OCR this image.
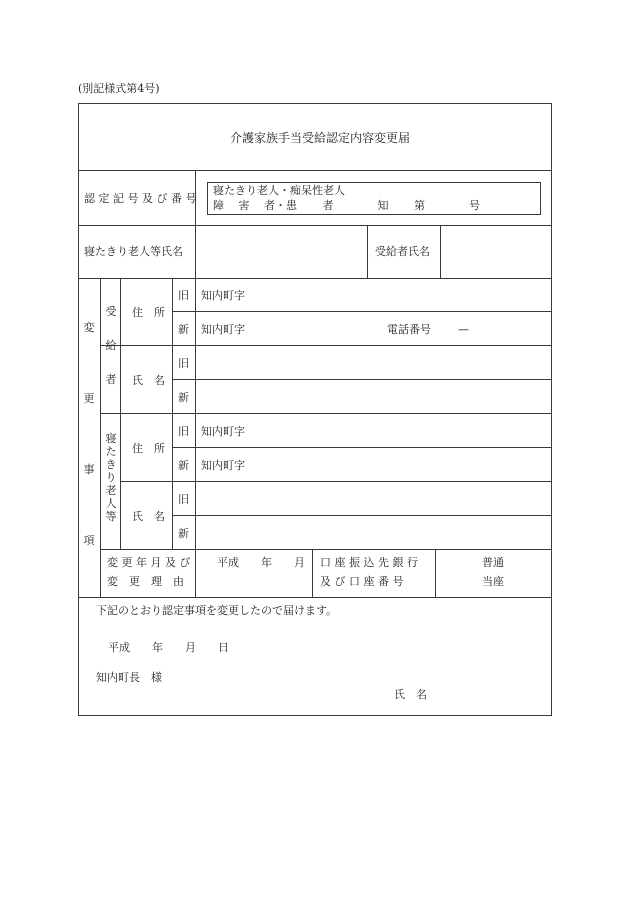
(別記様式第4号)
介護家族手当受給認定内容変更届
認 定 記 号 及 び 番 号
寝たきり老人・痴呆性老人
障　 害　 者・患　　 者　　　　知　　 第　　　　号
寝たきり老人等氏名	受給者氏名
変
更
事
項
受
給
者
寝
た
き
り
老
人
等
住　所
氏　名
住　所
氏　名
旧
新
旧
新
旧
新
旧
新
知内町字
知内町字	電話番号 —
知内町字
知内町字
変 更 年 月 及 び
変　更　理　由
平成　　年　　月 口 座 振 込 先 銀 行
及 び 口 座 番 号
普通
当座
下記のとおり認定事項を変更したので届けます。
平成　　年　　月　　日
知内町長　様
氏　名
